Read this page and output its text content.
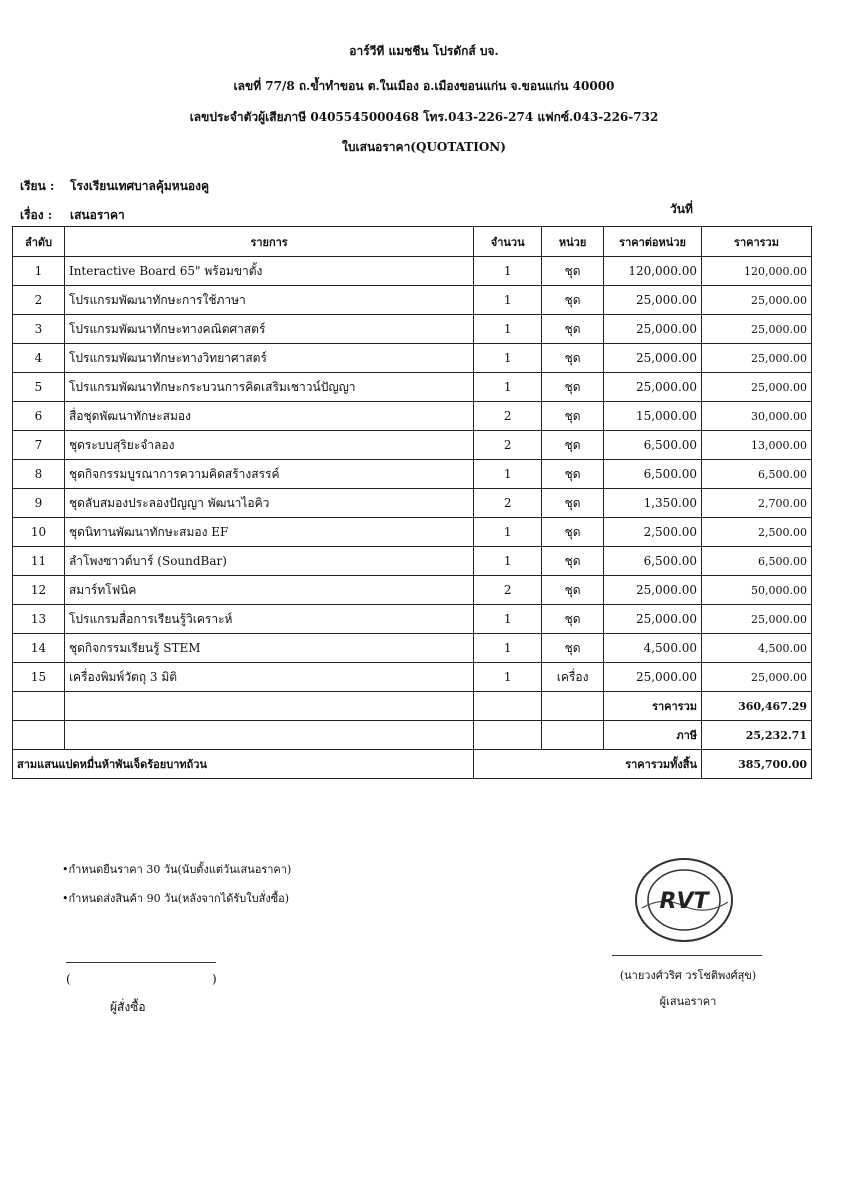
อาร์วีที แมชชีน โปรดักส์ บจ.
เลขที่ 77/8 ถ.ข้ำทำขอน ต.ในเมือง อ.เมืองขอนแก่น จ.ขอนแก่น 40000
เลขประจำตัวผู้เสียภาษี 0405545000468 โทร.043-226-274 แฟกซ์.043-226-732
ใบเสนอราคา(QUOTATION)
เรียน : โรงเรียนเทศบาลคุ้มหนองคู
เรื่อง : เสนอราคา	วันที่
ลำดับ	รายการ	จำนวน	หน่วย	ราคาต่อหน่วย	ราคารวม
1	Interactive Board 65" พร้อมขาตั้ง	1	ชุด	120,000.00	120,000.00
2	โปรแกรมพัฒนาทักษะการใช้ภาษา	1	ชุด	25,000.00	25,000.00
3	โปรแกรมพัฒนาทักษะทางคณิตศาสตร์	1	ชุด	25,000.00	25,000.00
4	โปรแกรมพัฒนาทักษะทางวิทยาศาสตร์	1	ชุด	25,000.00	25,000.00
5	โปรแกรมพัฒนาทักษะกระบวนการคิดเสริมเชาวน์ปัญญา	1	ชุด	25,000.00	25,000.00
6	สื่อชุดพัฒนาทักษะสมอง	2	ชุด	15,000.00	30,000.00
7	ชุดระบบสุริยะจำลอง	2	ชุด	6,500.00	13,000.00
8	ชุดกิจกรรมบูรณาการความคิดสร้างสรรค์	1	ชุด	6,500.00	6,500.00
9	ชุดลับสมองประลองปัญญา พัฒนาไอคิว	2	ชุด	1,350.00	2,700.00
10	ชุดนิทานพัฒนาทักษะสมอง EF	1	ชุด	2,500.00	2,500.00
11	ลำโพงซาวด์บาร์ (SoundBar)	1	ชุด	6,500.00	6,500.00
12	สมาร์ทโฟนิค	2	ชุด	25,000.00	50,000.00
13	โปรแกรมสื่อการเรียนรู้วิเคราะห์	1	ชุด	25,000.00	25,000.00
14	ชุดกิจกรรมเรียนรู้ STEM	1	ชุด	4,500.00	4,500.00
15	เครื่องพิมพ์วัตถุ 3 มิติ	1	เครื่อง	25,000.00	25,000.00
				ราคารวม	360,467.29
				ภาษี	25,232.71
สามแสนแปดหมื่นห้าพันเจ็ดร้อยบาทถ้วน		ราคารวมทั้งสิ้น			385,700.00
•กำหนดยืนราคา 30 วัน(นับตั้งแต่วันเสนอราคา)
•กำหนดส่งสินค้า 90 วัน(หลังจากได้รับใบสั่งซื้อ)
(	)
ผู้สั่งซื้อ
RVT
(นายวงศ์วริศ วรโชติพงศ์สุข)
ผู้เสนอราคา
